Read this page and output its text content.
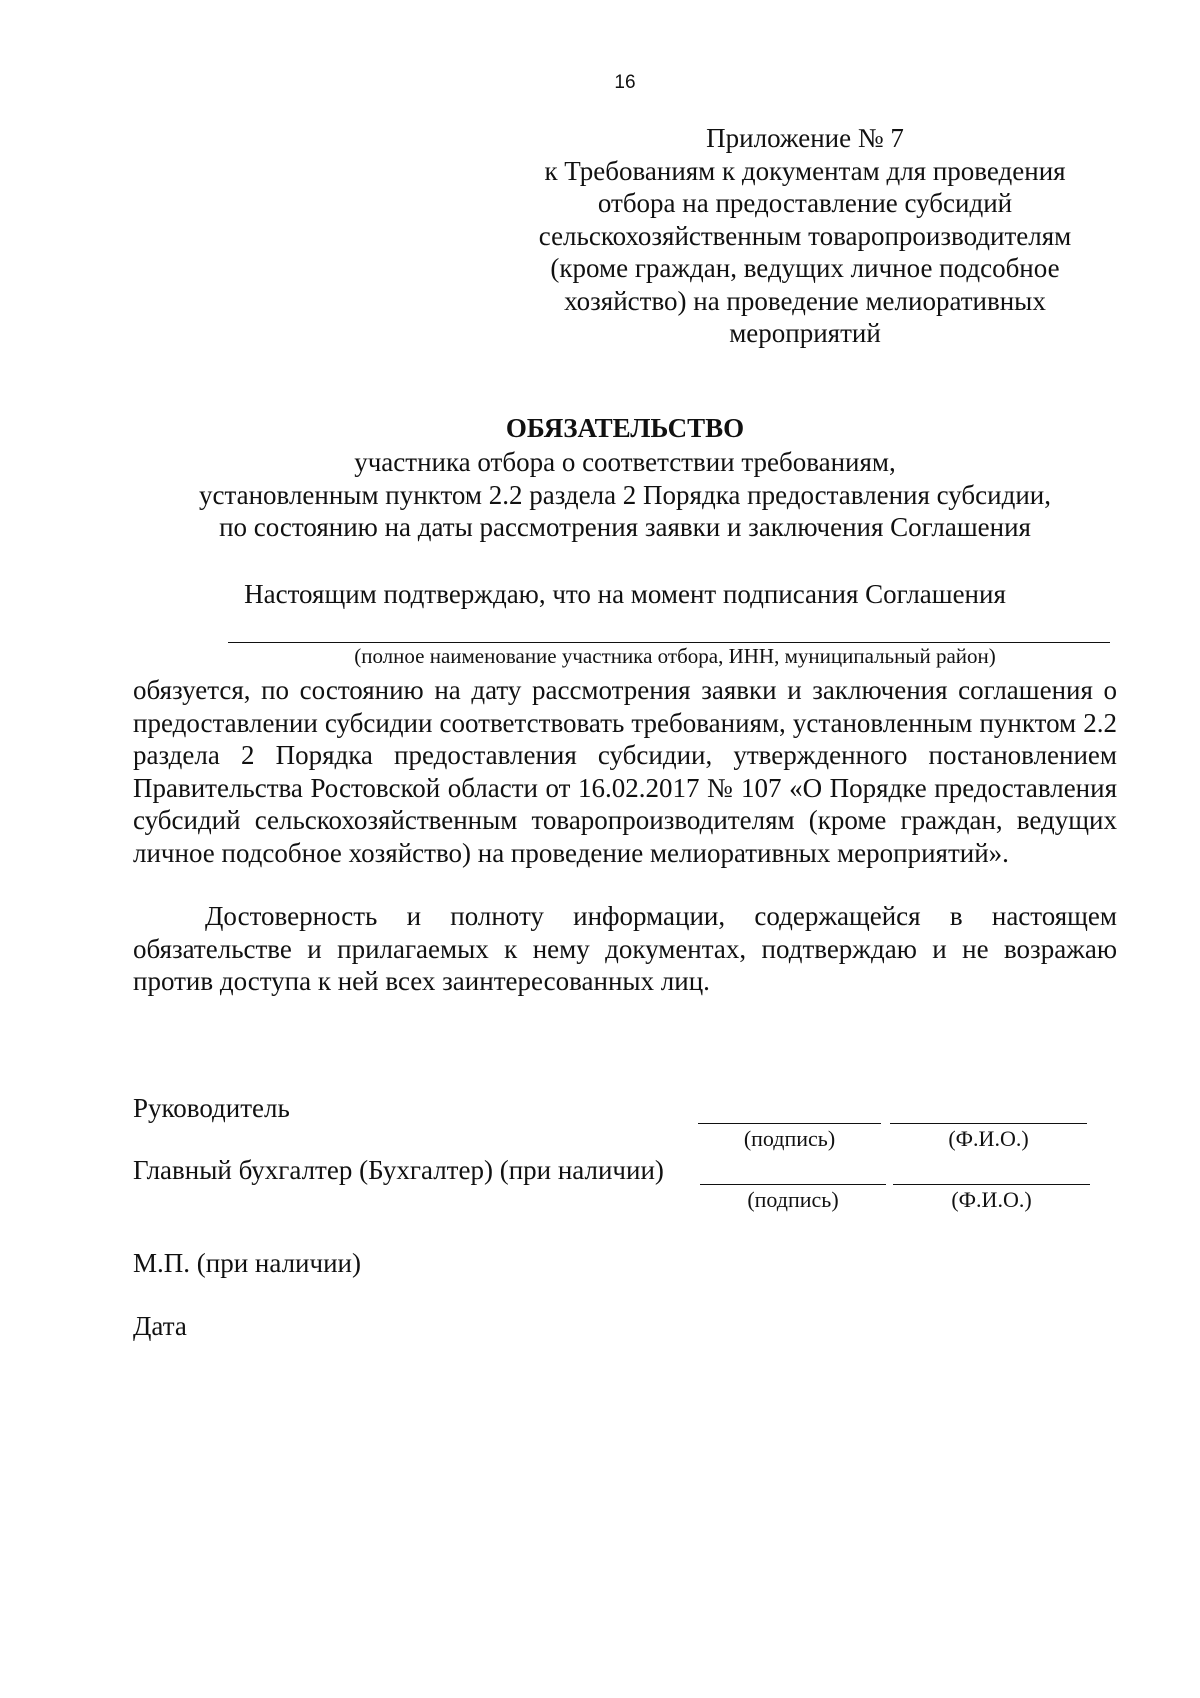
16
Приложение № 7
к Требованиям к документам для проведения
отбора на предоставление субсидий
сельскохозяйственным товаропроизводителям
(кроме граждан, ведущих личное подсобное
хозяйство) на проведение мелиоративных
мероприятий
ОБЯЗАТЕЛЬСТВО
участника отбора о соответствии требованиям,
установленным пунктом 2.2 раздела 2 Порядка предоставления субсидии,
по состоянию на даты рассмотрения заявки и заключения Соглашения
Настоящим подтверждаю, что на момент подписания Соглашения
(полное наименование участника отбора, ИНН, муниципальный район)
обязуется, по состоянию на дату рассмотрения заявки и заключения соглашения о предоставлении субсидии соответствовать требованиям, установленным пунктом 2.2 раздела 2 Порядка предоставления субсидии, утвержденного постановлением Правительства Ростовской области от 16.02.2017 № 107 «О Порядке предоставления субсидий сельскохозяйственным товаропроизводителям (кроме граждан, ведущих личное подсобное хозяйство) на проведение мелиоративных мероприятий».
Достоверность и полноту информации, содержащейся в настоящем обязательстве и прилагаемых к нему документах, подтверждаю и не возражаю против доступа к ней всех заинтересованных лиц.
Руководитель
(подпись)	(Ф.И.О.)
Главный бухгалтер (Бухгалтер) (при наличии)
(подпись)	(Ф.И.О.)
М.П. (при наличии)
Дата
